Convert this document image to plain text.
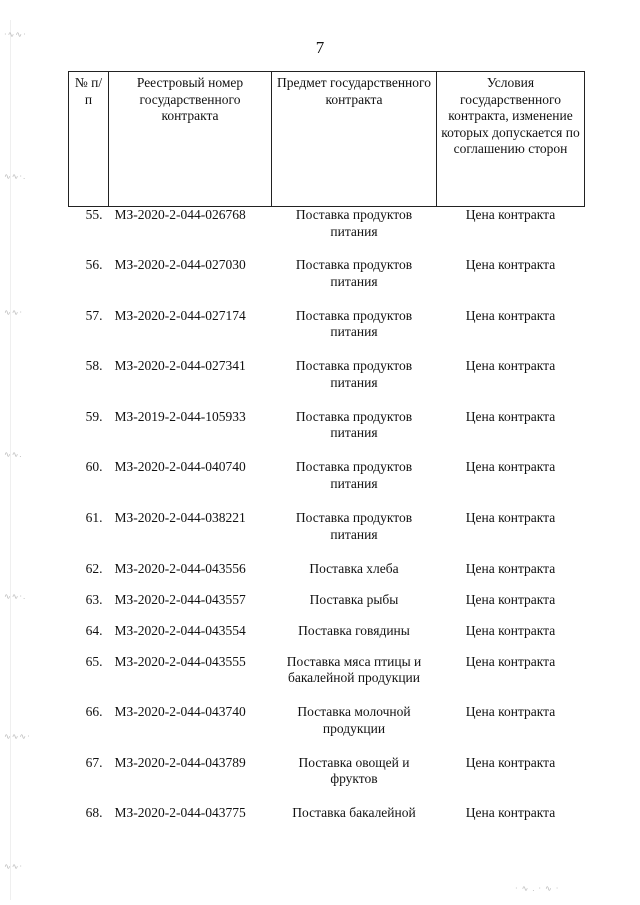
·∿∿·
∿∿·.
∿∿·
∿∿.
∿∿·.
∿∿∿·
∿∿·
· ∿ . · ∿ ·
7
№ п/п	Реестровый номер государственного контракта	Предмет государственного контракта	Условия государственного контракта, изменение которых допускается по соглашению сторон
55.	МЗ-2020-2-044-026768	Поставка продуктов питания	Цена контракта
56.	МЗ-2020-2-044-027030	Поставка продуктов питания	Цена контракта
57.	МЗ-2020-2-044-027174	Поставка продуктов питания	Цена контракта
58.	МЗ-2020-2-044-027341	Поставка продуктов питания	Цена контракта
59.	МЗ-2019-2-044-105933	Поставка продуктов питания	Цена контракта
60.	МЗ-2020-2-044-040740	Поставка продуктов питания	Цена контракта
61.	МЗ-2020-2-044-038221	Поставка продуктов питания	Цена контракта
62.	МЗ-2020-2-044-043556	Поставка хлеба	Цена контракта
63.	МЗ-2020-2-044-043557	Поставка рыбы	Цена контракта
64.	МЗ-2020-2-044-043554	Поставка говядины	Цена контракта
65.	МЗ-2020-2-044-043555	Поставка мяса птицы и бакалейной продукции	Цена контракта
66.	МЗ-2020-2-044-043740	Поставка молочной продукции	Цена контракта
67.	МЗ-2020-2-044-043789	Поставка овощей и фруктов	Цена контракта
68.	МЗ-2020-2-044-043775	Поставка бакалейной	Цена контракта
